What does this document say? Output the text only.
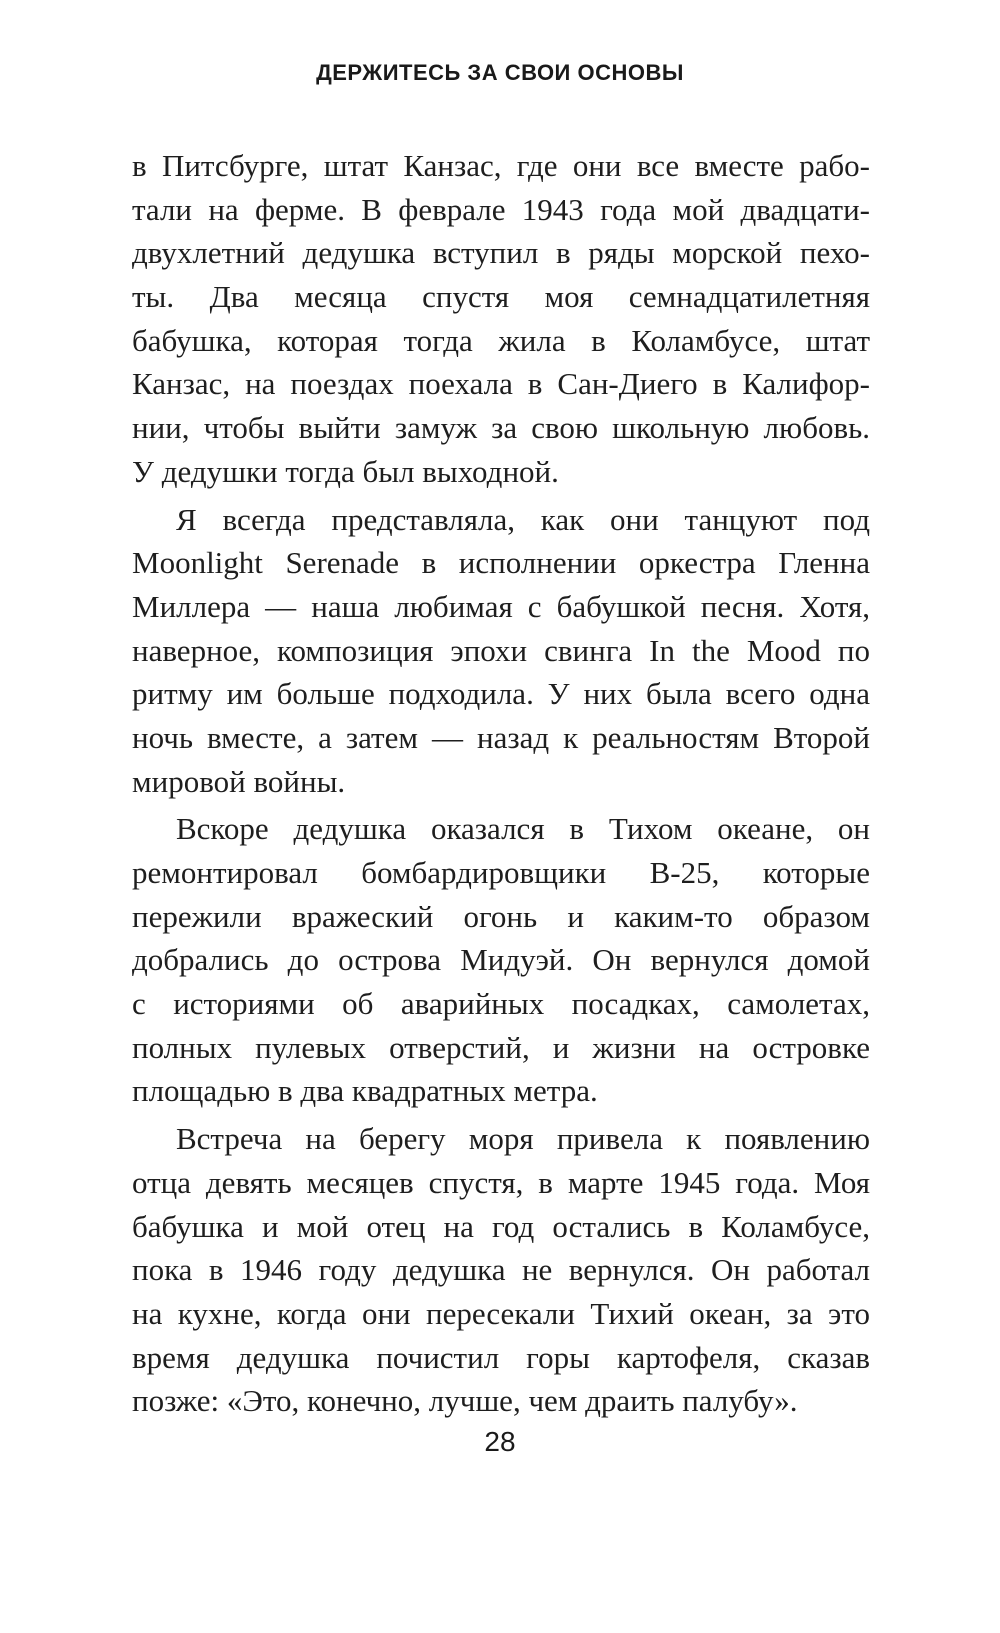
ДЕРЖИТЕСЬ ЗА СВОИ ОСНОВЫ
в Питсбурге, штат Канзас, где они все вместе рабо-
тали на ферме. В феврале 1943 года мой двадцати-
двухлетний дедушка вступил в ряды морской пехо-
ты. Два месяца спустя моя семнадцатилетняя
бабушка, которая тогда жила в Коламбусе, штат
Канзас, на поездах поехала в Сан-Диего в Калифор-
нии, чтобы выйти замуж за свою школьную любовь.
У дедушки тогда был выходной.
Я всегда представляла, как они танцуют под
Moonlight Serenade в исполнении оркестра Гленна
Миллера — наша любимая с бабушкой песня. Хотя,
наверное, композиция эпохи свинга In the Mood по
ритму им больше подходила. У них была всего одна
ночь вместе, а затем — назад к реальностям Второй
мировой войны.
Вскоре дедушка оказался в Тихом океане, он
ремонтировал бомбардировщики B-25, которые
пережили вражеский огонь и каким-то образом
добрались до острова Мидуэй. Он вернулся домой
с историями об аварийных посадках, самолетах,
полных пулевых отверстий, и жизни на островке
площадью в два квадратных метра.
Встреча на берегу моря привела к появлению
отца девять месяцев спустя, в марте 1945 года. Моя
бабушка и мой отец на год остались в Коламбусе,
пока в 1946 году дедушка не вернулся. Он работал
на кухне, когда они пересекали Тихий океан, за это
время дедушка почистил горы картофеля, сказав
позже: «Это, конечно, лучше, чем драить палубу».
28
